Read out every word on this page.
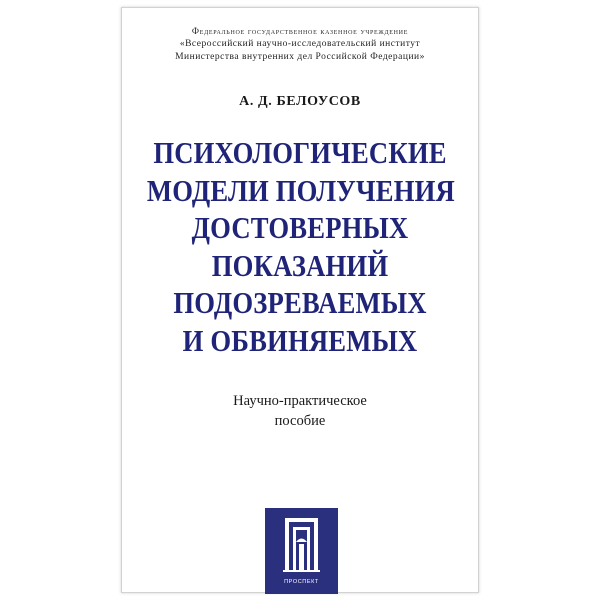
Федеральное государственное казенное учреждение
«Всероссийский научно-исследовательский институт
Министерства внутренних дел Российской Федерации»
А. Д. БЕЛОУСОВ
ПСИХОЛОГИЧЕСКИЕ
МОДЕЛИ ПОЛУЧЕНИЯ
ДОСТОВЕРНЫХ
ПОКАЗАНИЙ
ПОДОЗРЕВАЕМЫХ
И ОБВИНЯЕМЫХ
Научно-практическое
пособие
ПРОСПЕКТ
